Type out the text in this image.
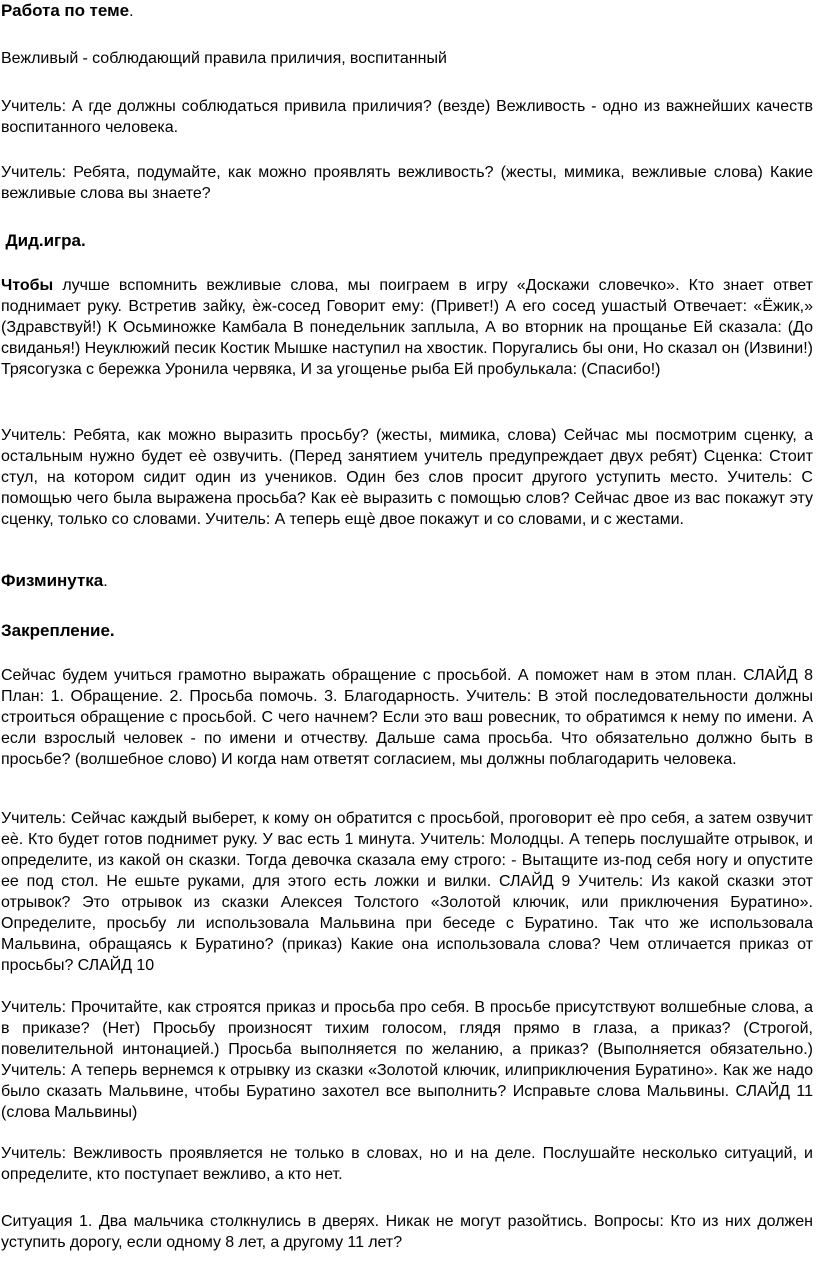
Работа по теме.

Вежливый - соблюдающий правила приличия, воспитанный

Учитель: А где должны соблюдаться привила приличия? (везде) Вежливость - одно из важнейших качеств воспитанного человека.

Учитель: Ребята, подумайте, как можно проявлять вежливость? (жесты, мимика, вежливые слова) Какие вежливые слова вы знаете?

Дид.игра.

Чтобы лучше вспомнить вежливые слова, мы поиграем в игру «Доскажи словечко». Кто знает ответ поднимает руку. Встретив зайку, ѐж-сосед Говорит ему: (Привет!) А его сосед ушастый Отвечает: «Ёжик,» (Здравствуй!) К Осьминожке Камбала В понедельник заплыла, А во вторник на прощанье Ей сказала: (До свиданья!) Неуклюжий песик Костик Мышке наступил на хвостик. Поругались бы они, Но сказал он (Извини!) Трясогузка с бережка Уронила червяка, И за угощенье рыба Ей пробулькала: (Спасибо!)

Учитель: Ребята, как можно выразить просьбу? (жесты, мимика, слова) Сейчас мы посмотрим сценку, а остальным нужно будет еѐ озвучить. (Перед занятием учитель предупреждает двух ребят) Сценка: Стоит стул, на котором сидит один из учеников. Один без слов просит другого уступить место. Учитель: С помощью чего была выражена просьба? Как еѐ выразить с помощью слов? Сейчас двое из вас покажут эту сценку, только со словами. Учитель: А теперь ещѐ двое покажут и со словами, и с жестами.

Физминутка.

Закрепление.

Сейчас будем учиться грамотно выражать обращение с просьбой. А поможет нам в этом план. СЛАЙД 8 План: 1. Обращение. 2. Просьба помочь. 3. Благодарность. Учитель: В этой последовательности должны строиться обращение с просьбой. С чего начнем? Если это ваш ровесник, то обратимся к нему по имени. А если взрослый человек - по имени и отчеству. Дальше сама просьба. Что обязательно должно быть в просьбе? (волшебное слово) И когда нам ответят согласием, мы должны поблагодарить человека.

Учитель: Сейчас каждый выберет, к кому он обратится с просьбой, проговорит еѐ про себя, а затем озвучит еѐ. Кто будет готов поднимет руку. У вас есть 1 минута. Учитель: Молодцы. А теперь послушайте отрывок, и определите, из какой он сказки. Тогда девочка сказала ему строго: - Вытащите из-под себя ногу и опустите ее под стол. Не ешьте руками, для этого есть ложки и вилки. СЛАЙД 9 Учитель: Из какой сказки этот отрывок? Это отрывок из сказки Алексея Толстого «Золотой ключик, или приключения Буратино». Определите, просьбу ли использовала Мальвина при беседе с Буратино. Так что же использовала Мальвина, обращаясь к Буратино? (приказ) Какие она использовала слова? Чем отличается приказ от просьбы? СЛАЙД 10

Учитель: Прочитайте, как строятся приказ и просьба про себя. В просьбе присутствуют волшебные слова, а в приказе? (Нет) Просьбу произносят тихим голосом, глядя прямо в глаза, а приказ? (Строгой, повелительной интонацией.) Просьба выполняется по желанию, а приказ? (Выполняется обязательно.) Учитель: А теперь вернемся к отрывку из сказки «Золотой ключик, илиприключения Буратино». Как же надо было сказать Мальвине, чтобы Буратино захотел все выполнить? Исправьте слова Мальвины. СЛАЙД 11 (слова Мальвины)

Учитель: Вежливость проявляется не только в словах, но и на деле. Послушайте несколько ситуаций, и определите, кто поступает вежливо, а кто нет.

Ситуация 1. Два мальчика столкнулись в дверях. Никак не могут разойтись. Вопросы: Кто из них должен уступить дорогу, если одному 8 лет, а другому 11 лет?
